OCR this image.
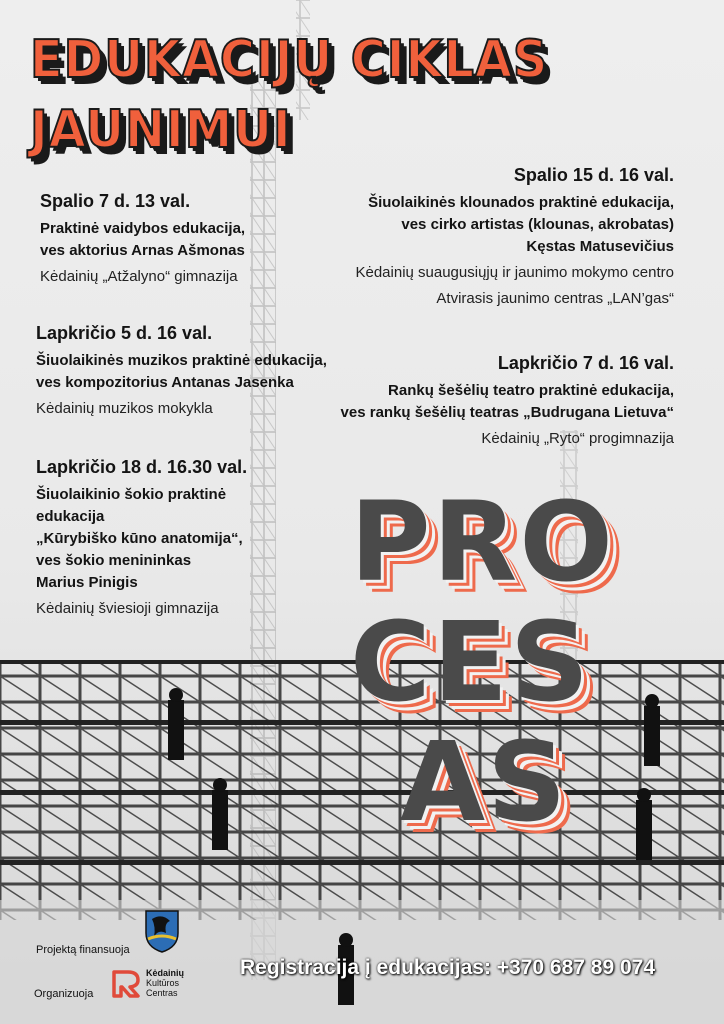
EDUKACIJŲ CIKLAS
JAUNIMUI
Spalio 7 d. 13 val.
Praktinė vaidybos edukacija,
ves aktorius Arnas Ašmonas
Kėdainių „Atžalyno“ gimnazija
Spalio 15 d. 16 val.
Šiuolaikinės klounados praktinė edukacija,
ves cirko artistas (klounas, akrobatas)
Kęstas Matusevičius
Kėdainių suaugusiųjų ir jaunimo mokymo centro
Atvirasis jaunimo centras „LAN’gas“
Lapkričio 5 d. 16 val.
Šiuolaikinės muzikos praktinė edukacija,
ves kompozitorius Antanas Jasenka
Kėdainių muzikos mokykla
Lapkričio 7 d. 16 val.
Rankų šešėlių teatro praktinė edukacija,
ves rankų šešėlių teatras „Budrugana Lietuva“
Kėdainių „Ryto“ progimnazija
Lapkričio 18 d. 16.30 val.
Šiuolaikinio šokio praktinė
edukacija
„Kūrybiško kūno anatomija“,
ves šokio menininkas
Marius Pinigis
Kėdainių šviesioji gimnazija
PRO
CES
AS
Projektą finansuoja
Organizuoja
Kėdainių
Kultūros
Centras
Registracija į edukacijas: +370 687 89 074
